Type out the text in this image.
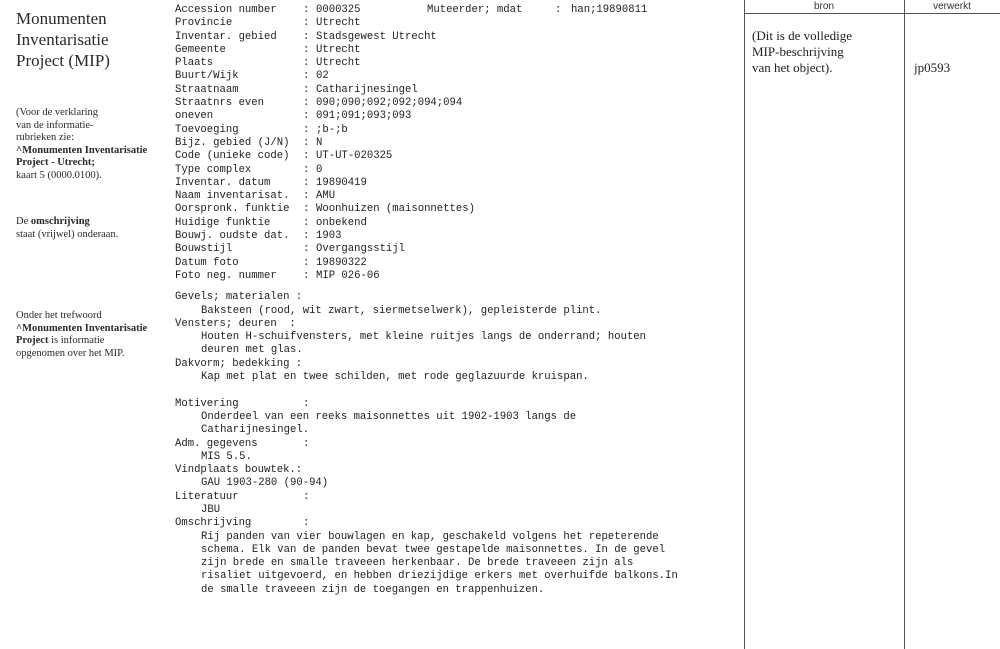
Monumenten
Inventarisatie
Project (MIP)

(Voor de verklaring
van de informatie-
rubrieken zie:
^Monumenten Inventarisatie
Project - Utrecht;
kaart 5 (0000.0100).
De omschrijving
staat (vrijwel) onderaan.
Onder het trefwoord
^Monumenten Inventarisatie
Project is informatie
opgenomen over het MIP.
Muteerder; mdat	: han;19890811
Accession number	: 0000325
Provincie	: Utrecht
Inventar. gebied	: Stadsgewest Utrecht
Gemeente	: Utrecht
Plaats	: Utrecht
Buurt/Wijk	: 02
Straatnaam	: Catharijnesingel
Straatnrs even	: 090;090;092;092;094;094
oneven	: 091;091;093;093
Toevoeging	: ;b-;b
Bijz. gebied (J/N)	: N
Code (unieke code)	: UT-UT-020325
Type complex	: 0
Inventar. datum	: 19890419
Naam inventarisat.	: AMU
Oorspronk. funktie	: Woonhuizen (maisonnettes)
Huidige funktie	: onbekend
Bouwj. oudste dat.	: 1903
Bouwstijl	: Overgangsstijl
Datum foto	: 19890322
Foto neg. nummer	: MIP 026-06
Gevels; materialen :
Baksteen (rood, wit zwart, siermetselwerk), gepleisterde plint.
Vensters; deuren  :
Houten H-schuifvensters, met kleine ruitjes langs de onderrand; houten
deuren met glas.
Dakvorm; bedekking :
Kap met plat en twee schilden, met rode geglazuurde kruispan.
Motivering	:
Onderdeel van een reeks maisonnettes uit 1902-1903 langs de
Catharijnesingel.
Adm. gegevens	:
MIS 5.5.
Vindplaats bouwtek.:
GAU 1903-280 (90-94)
Literatuur	:
JBU
Omschrijving	:
Rij panden van vier bouwlagen en kap, geschakeld volgens het repeterende
schema. Elk van de panden bevat twee gestapelde maisonnettes. In de gevel
zijn brede en smalle traveeen herkenbaar. De brede traveeen zijn als
risaliet uitgevoerd, en hebben driezijdige erkers met overhuifde balkons.In
de smalle traveeen zijn de toegangen en trappenhuizen.
bron	verwerkt
(Dit is de volledige
MIP-beschrijving
van het object).	jp0593
